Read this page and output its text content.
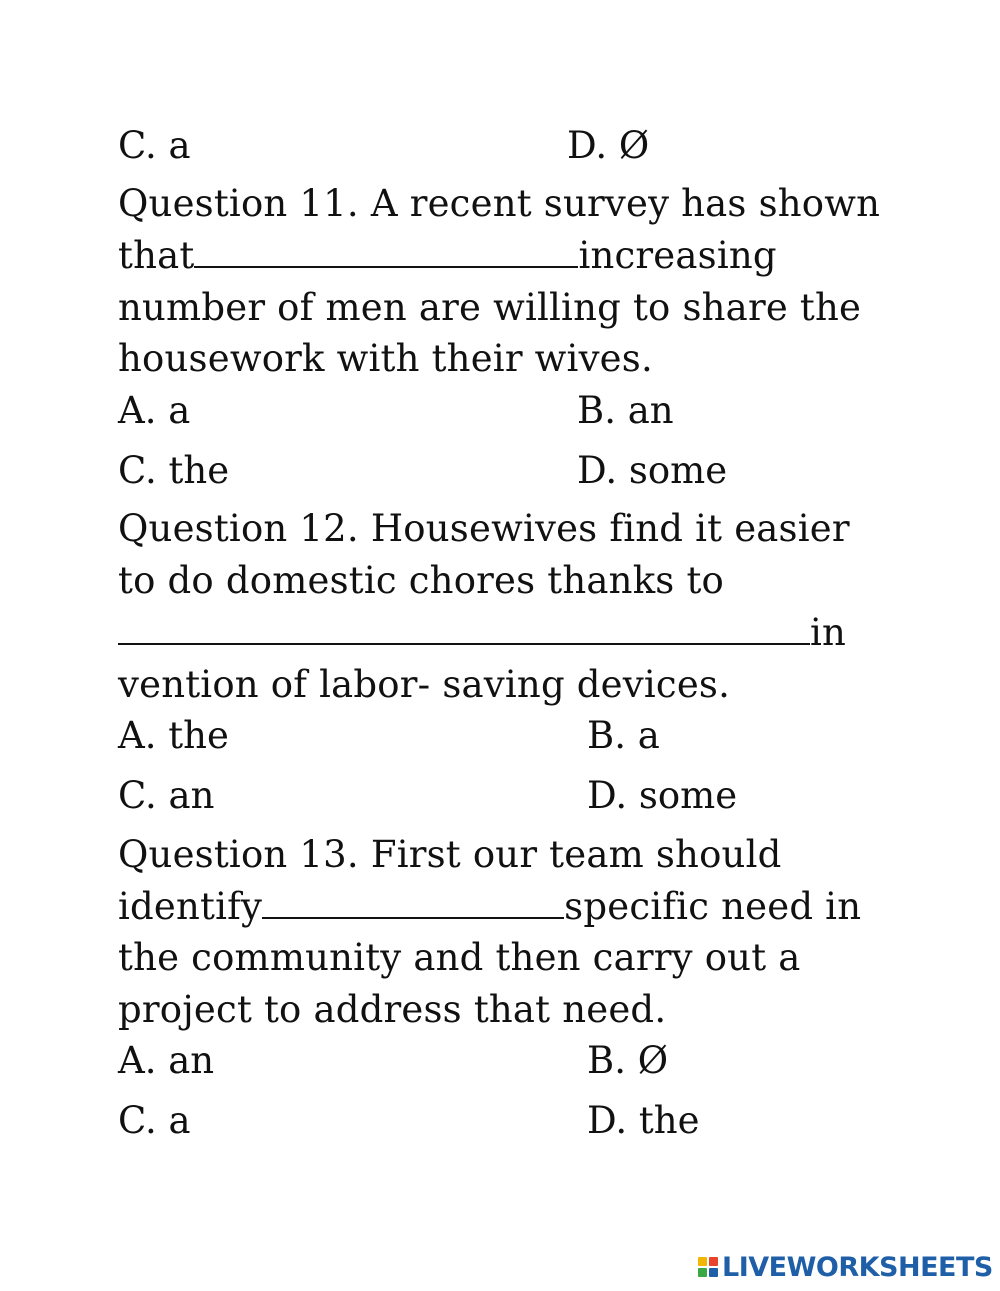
C. a	D. Ø
Question 11. A recent survey has shown
that	increasing
number of men are willing to share the
housework with their wives.
A. a	B. an
C. the	D. some
Question 12. Housewives find it easier
to do domestic chores thanks to
in
vention of labor- saving devices.
A. the	B. a
C. an	D. some
Question 13. First our team should
identify	specific need in
the community and then carry out a
project to address that need.
A. an	B. Ø
C. a	D. the
LIVEWORKSHEETS
